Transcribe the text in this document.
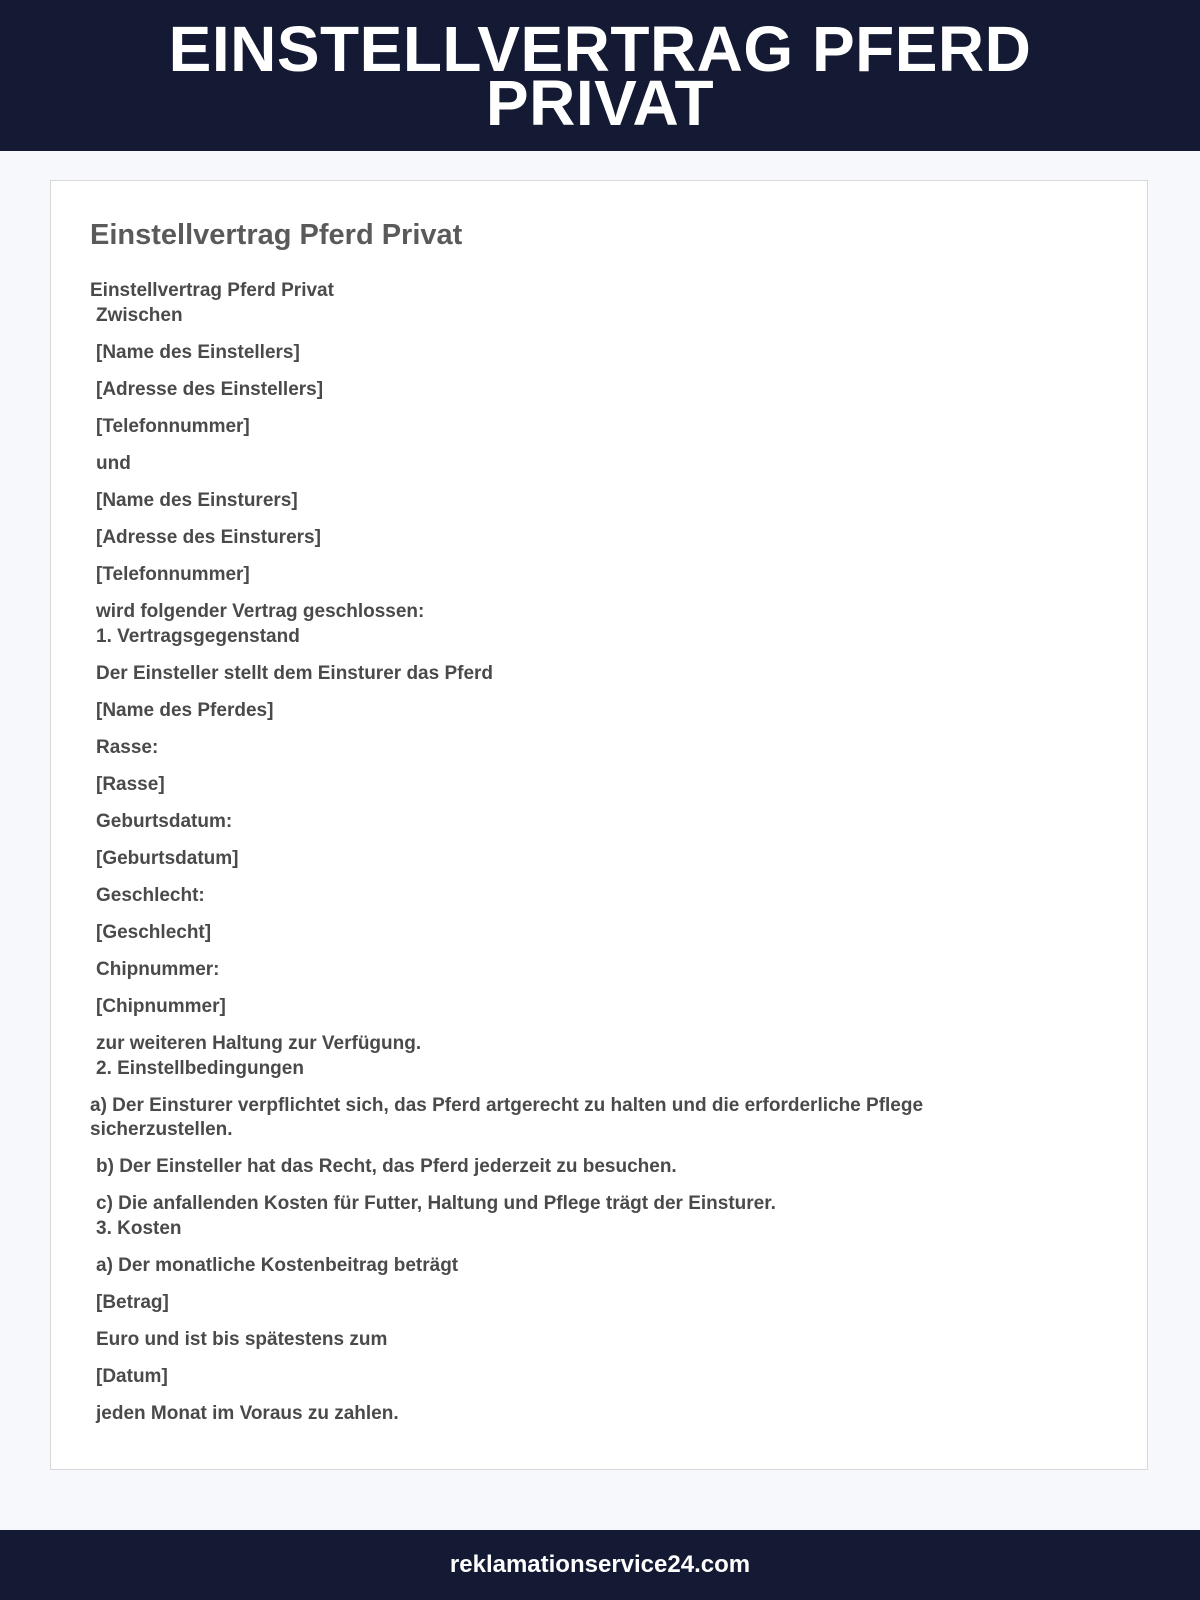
EINSTELLVERTRAG PFERD PRIVAT
Einstellvertrag Pferd Privat
Einstellvertrag Pferd Privat
Zwischen
[Name des Einstellers]
[Adresse des Einstellers]
[Telefonnummer]
und
[Name des Einsturers]
[Adresse des Einsturers]
[Telefonnummer]
wird folgender Vertrag geschlossen:
1. Vertragsgegenstand
Der Einsteller stellt dem Einsturer das Pferd
[Name des Pferdes]
Rasse:
[Rasse]
Geburtsdatum:
[Geburtsdatum]
Geschlecht:
[Geschlecht]
Chipnummer:
[Chipnummer]
zur weiteren Haltung zur Verfügung.
2. Einstellbedingungen
a) Der Einsturer verpflichtet sich, das Pferd artgerecht zu halten und die erforderliche Pflege sicherzustellen.
b) Der Einsteller hat das Recht, das Pferd jederzeit zu besuchen.
c) Die anfallenden Kosten für Futter, Haltung und Pflege trägt der Einsturer.
3. Kosten
a) Der monatliche Kostenbeitrag beträgt
[Betrag]
Euro und ist bis spätestens zum
[Datum]
jeden Monat im Voraus zu zahlen.
reklamationservice24.com
